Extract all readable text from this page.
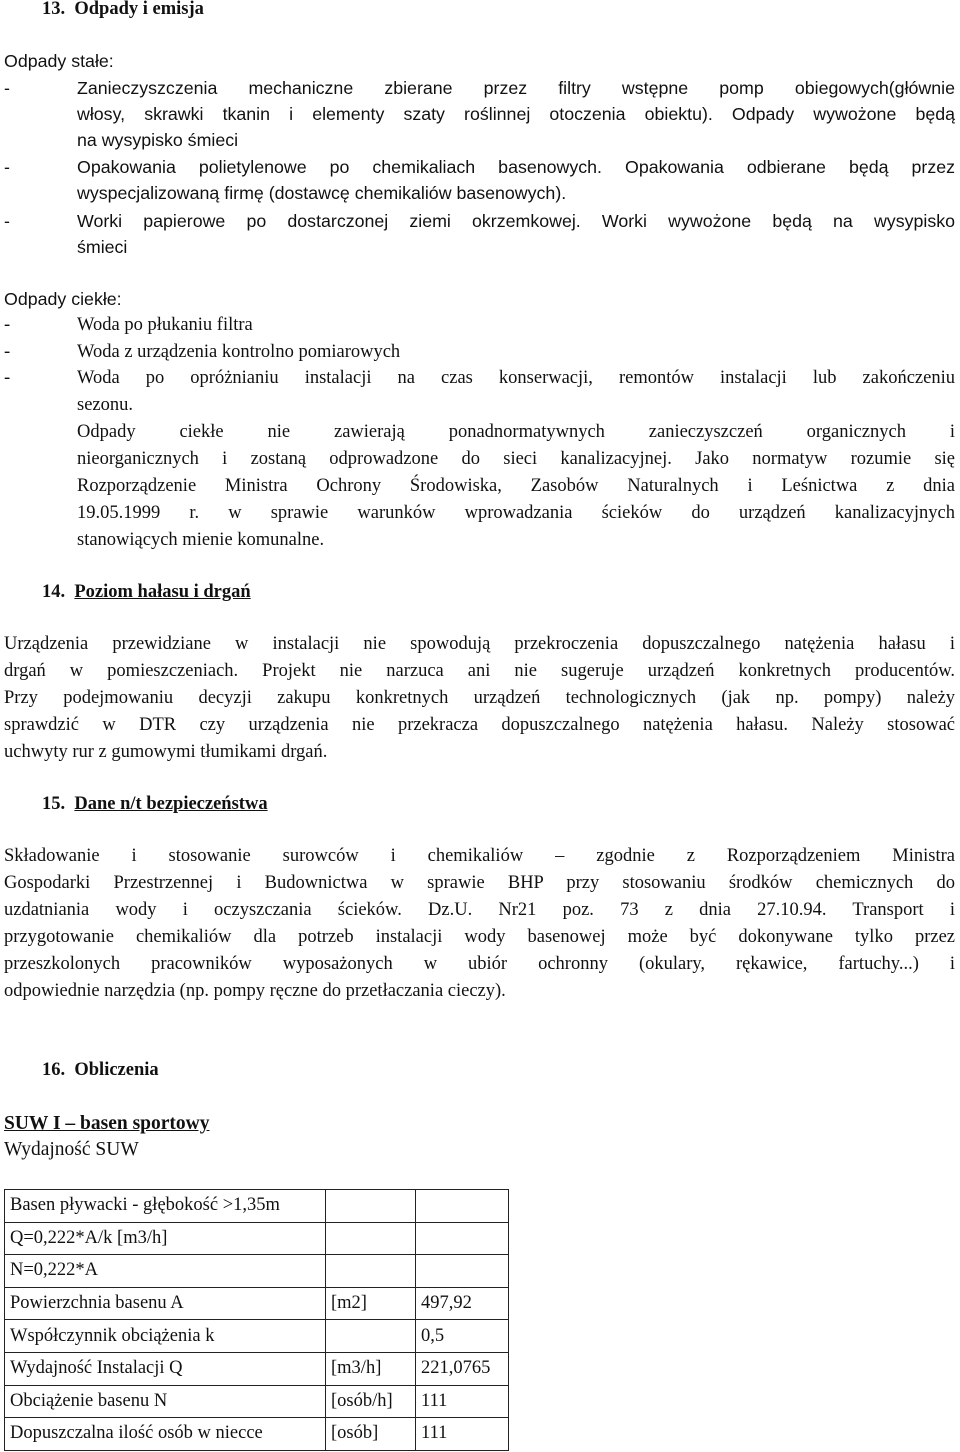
13. Odpady i emisja
Odpady stałe:
-	Zanieczyszczenia mechaniczne zbierane przez filtry wstępne pomp obiegowych(głównie
włosy, skrawki tkanin i elementy szaty roślinnej otoczenia obiektu). Odpady wywożone będą
na wysypisko śmieci
-	Opakowania polietylenowe po chemikaliach basenowych. Opakowania odbierane będą przez
wyspecjalizowaną firmę (dostawcę chemikaliów basenowych).
-	Worki papierowe po dostarczonej ziemi okrzemkowej. Worki wywożone będą na wysypisko
śmieci
Odpady ciekłe:
-	Woda po płukaniu filtra
-	Woda z urządzenia kontrolno pomiarowych
-	Woda po opróżnianiu instalacji na czas konserwacji, remontów instalacji lub zakończeniu
sezonu.
Odpady ciekłe nie zawierają ponadnormatywnych zanieczyszczeń organicznych i
nieorganicznych i zostaną odprowadzone do sieci kanalizacyjnej. Jako normatyw rozumie się
Rozporządzenie Ministra Ochrony Środowiska, Zasobów Naturalnych i Leśnictwa z dnia
19.05.1999 r. w sprawie warunków wprowadzania ścieków do urządzeń kanalizacyjnych
stanowiących mienie komunalne.
14. Poziom hałasu i drgań
Urządzenia przewidziane w instalacji nie spowodują przekroczenia dopuszczalnego natężenia hałasu i
drgań w pomieszczeniach. Projekt nie narzuca ani nie sugeruje urządzeń konkretnych producentów.
Przy podejmowaniu decyzji zakupu konkretnych urządzeń technologicznych (jak np. pompy) należy
sprawdzić w DTR czy urządzenia nie przekracza dopuszczalnego natężenia hałasu. Należy stosować
uchwyty rur z gumowymi tłumikami drgań.
15. Dane n/t bezpieczeństwa
Składowanie i stosowanie surowców i chemikaliów – zgodnie z Rozporządzeniem Ministra
Gospodarki Przestrzennej i Budownictwa w sprawie BHP przy stosowaniu środków chemicznych do
uzdatniania wody i oczyszczania ścieków. Dz.U. Nr21 poz. 73 z dnia 27.10.94. Transport i
przygotowanie chemikaliów dla potrzeb instalacji wody basenowej może być dokonywane tylko przez
przeszkolonych pracowników wyposażonych w ubiór ochronny (okulary, rękawice, fartuchy...) i
odpowiednie narzędzia (np. pompy ręczne do przetłaczania cieczy).
16. Obliczenia
SUW I – basen sportowy
Wydajność SUW
Basen pływacki - głębokość >1,35m		
Q=0,222*A/k [m3/h]		
N=0,222*A		
Powierzchnia basenu A	[m2]	497,92
Współczynnik obciążenia k		0,5
Wydajność Instalacji Q	[m3/h]	221,0765
Obciążenie basenu N	[osób/h]	111
Dopuszczalna ilość osób w niecce	[osób]	111
